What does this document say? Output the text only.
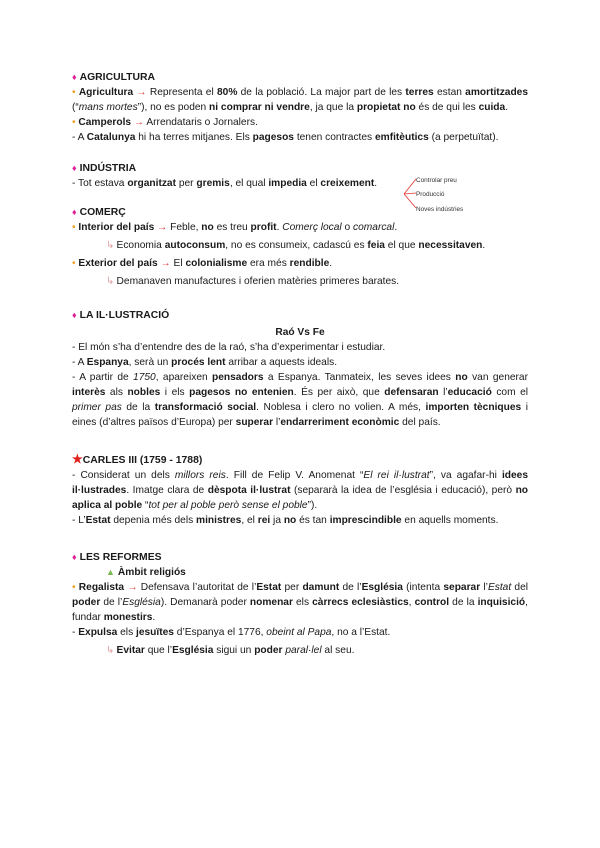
♦ AGRICULTURA

• Agricultura → Representa el 80% de la població. La major part de les terres estan amortitzades (“mans mortes”), no es poden ni comprar ni vendre, ja que la propietat no és de qui les cuida.

• Camperols → Arrendataris o Jornalers.

- A Catalunya hi ha terres mitjanes. Els pagesos tenen contractes emfitèutics (a perpetuïtat).

♦ INDÚSTRIA

- Tot estava organitzat per gremis, el qual impedia el creixement.	Controlar preu
Producció
Noves indústries
♦ COMERÇ

• Interior del país → Feble, no es treu profit. Comerç local o comarcal.

↳ Economia autoconsum, no es consumeix, cadascú es feia el que necessitaven.

• Exterior del país → El colonialisme era més rendible.

↳ Demanaven manufactures i oferien matèries primeres barates.

♦ LA IL·LUSTRACIÓ

Raó Vs Fe

- El món s’ha d’entendre des de la raó, s’ha d’experimentar i estudiar.

- A Espanya, serà un procés lent arribar a aquests ideals.

- A partir de 1750, apareixen pensadors a Espanya. Tanmateix, les seves idees no van generar interès als nobles i els pagesos no entenien. És per això, que defensaran l’educació com el primer pas de la transformació social. Noblesa i clero no volien. A més, importen tècniques i eines (d’altres països d’Europa) per superar l’endarreriment econòmic del país.

★CARLES III (1759 - 1788)

- Considerat un dels millors reis. Fill de Felip V. Anomenat “El rei il·lustrat”, va agafar-hi idees il·lustrades. Imatge clara de dèspota il·lustrat (separarà la idea de l’església i educació), però no aplica al poble “tot per al poble però sense el poble”).

- L’Estat depenia més dels ministres, el rei ja no és tan imprescindible en aquells moments.

♦ LES REFORMES
▲ Àmbit religiós

• Regalista → Defensava l’autoritat de l’Estat per damunt de l’Església (intenta separar l’Estat del poder de l’Església). Demanarà poder nomenar els càrrecs eclesiàstics, control de la inquisició, fundar monestirs.

- Expulsa els jesuïtes d’Espanya el 1776, obeint al Papa, no a l’Estat.

↳ Evitar que l’Església sigui un poder paral·lel al seu.
